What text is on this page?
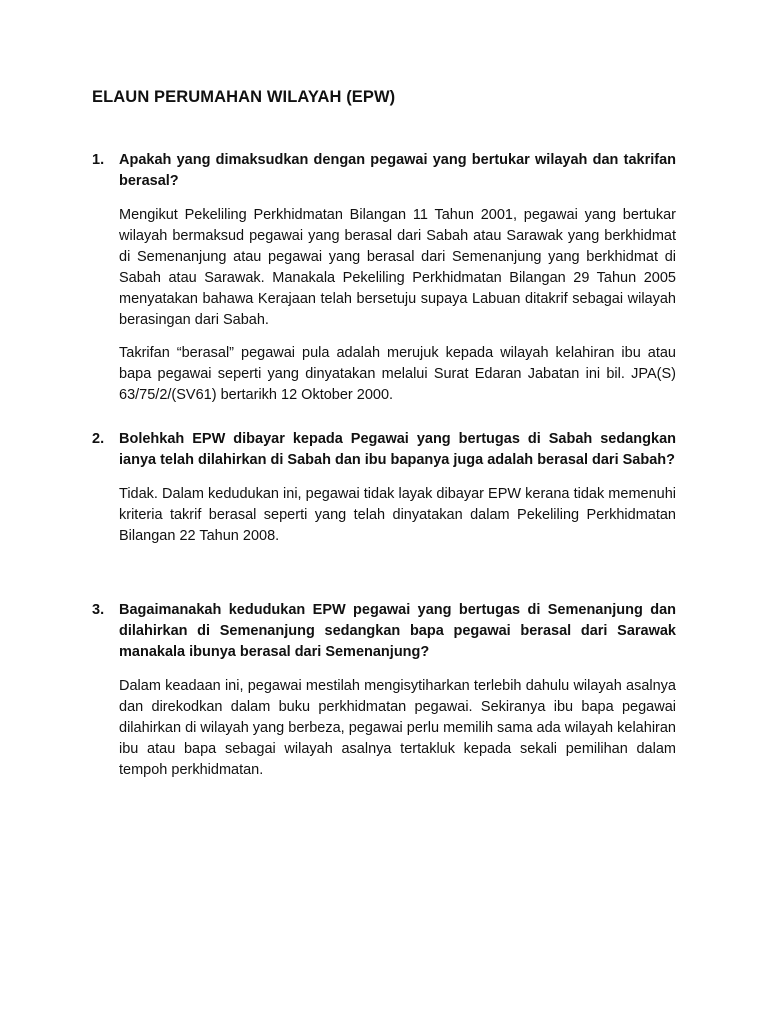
ELAUN PERUMAHAN WILAYAH (EPW)
1.	Apakah yang dimaksudkan dengan pegawai yang bertukar wilayah dan takrifan berasal?

Mengikut Pekeliling Perkhidmatan Bilangan 11 Tahun 2001, pegawai yang bertukar wilayah bermaksud pegawai yang berasal dari Sabah atau Sarawak yang berkhidmat di Semenanjung atau pegawai yang berasal dari Semenanjung yang berkhidmat di Sabah atau Sarawak. Manakala Pekeliling Perkhidmatan Bilangan 29 Tahun 2005 menyatakan bahawa Kerajaan telah bersetuju supaya Labuan ditakrif sebagai wilayah berasingan dari Sabah.

Takrifan “berasal” pegawai pula adalah merujuk kepada wilayah kelahiran ibu atau bapa pegawai seperti yang dinyatakan melalui Surat Edaran Jabatan ini bil. JPA(S) 63/75/2/(SV61) bertarikh 12 Oktober 2000.

2.	Bolehkah EPW dibayar kepada Pegawai yang bertugas di Sabah sedangkan ianya telah dilahirkan di Sabah dan ibu bapanya juga adalah berasal dari Sabah?

Tidak. Dalam kedudukan ini, pegawai tidak layak dibayar EPW kerana tidak memenuhi kriteria takrif berasal seperti yang telah dinyatakan dalam Pekeliling Perkhidmatan Bilangan 22 Tahun 2008.

3.	Bagaimanakah kedudukan EPW pegawai yang bertugas di Semenanjung dan dilahirkan di Semenanjung sedangkan bapa pegawai berasal dari Sarawak manakala ibunya berasal dari Semenanjung?

Dalam keadaan ini, pegawai mestilah mengisytiharkan terlebih dahulu wilayah asalnya dan direkodkan dalam buku perkhidmatan pegawai. Sekiranya ibu bapa pegawai dilahirkan di wilayah yang berbeza, pegawai perlu memilih sama ada wilayah kelahiran ibu atau bapa sebagai wilayah asalnya tertakluk kepada sekali pemilihan dalam tempoh perkhidmatan.
